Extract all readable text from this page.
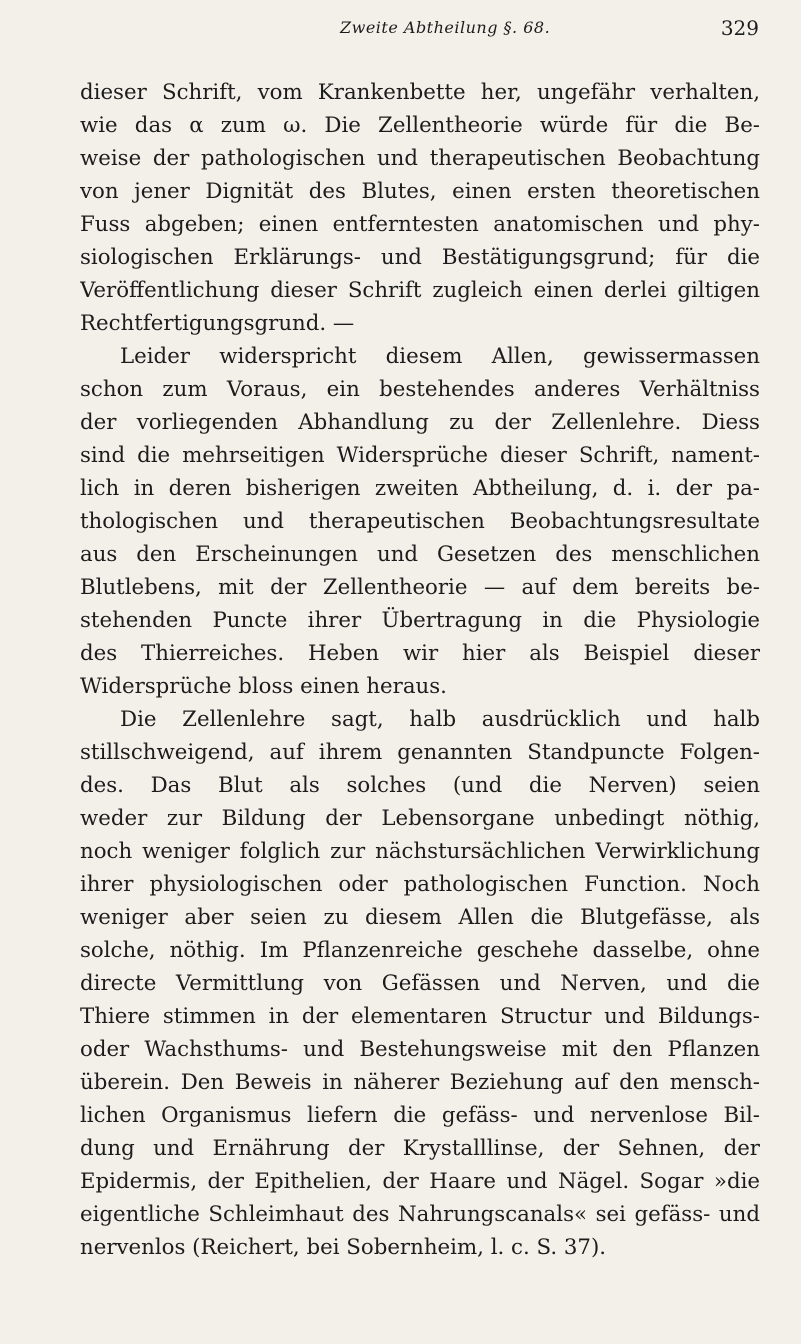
Zweite Abtheilung §. 68.	329
dieser Schrift, vom Krankenbette her, ungefähr verhalten,
wie das α zum ω. Die Zellentheorie würde für die Be-
weise der pathologischen und therapeutischen Beobachtung
von jener Dignität des Blutes, einen ersten theoretischen
Fuss abgeben; einen entferntesten anatomischen und phy-
siologischen Erklärungs- und Bestätigungsgrund; für die
Veröffentlichung dieser Schrift zugleich einen derlei giltigen
Rechtfertigungsgrund. —
Leider widerspricht diesem Allen, gewissermassen
schon zum Voraus, ein bestehendes anderes Verhältniss
der vorliegenden Abhandlung zu der Zellenlehre. Diess
sind die mehrseitigen Widersprüche dieser Schrift, nament-
lich in deren bisherigen zweiten Abtheilung, d. i. der pa-
thologischen und therapeutischen Beobachtungsresultate
aus den Erscheinungen und Gesetzen des menschlichen
Blutlebens, mit der Zellentheorie — auf dem bereits be-
stehenden Puncte ihrer Übertragung in die Physiologie
des Thierreiches. Heben wir hier als Beispiel dieser
Widersprüche bloss einen heraus.
Die Zellenlehre sagt, halb ausdrücklich und halb
stillschweigend, auf ihrem genannten Standpuncte Folgen-
des. Das Blut als solches (und die Nerven) seien
weder zur Bildung der Lebensorgane unbedingt nöthig,
noch weniger folglich zur nächstursächlichen Verwirklichung
ihrer physiologischen oder pathologischen Function. Noch
weniger aber seien zu diesem Allen die Blutgefässe, als
solche, nöthig. Im Pflanzenreiche geschehe dasselbe, ohne
directe Vermittlung von Gefässen und Nerven, und die
Thiere stimmen in der elementaren Structur und Bildungs-
oder Wachsthums- und Bestehungsweise mit den Pflanzen
überein. Den Beweis in näherer Beziehung auf den mensch-
lichen Organismus liefern die gefäss- und nervenlose Bil-
dung und Ernährung der Krystalllinse, der Sehnen, der
Epidermis, der Epithelien, der Haare und Nägel. Sogar »die
eigentliche Schleimhaut des Nahrungscanals« sei gefäss- und
nervenlos (Reichert, bei Sobernheim, l. c. S. 37).
